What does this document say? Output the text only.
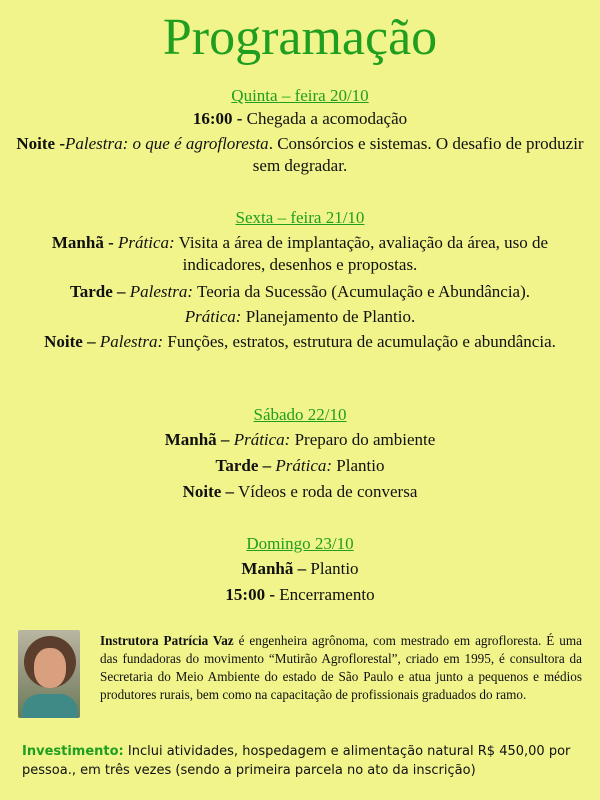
Programação
Quinta – feira 20/10
16:00 - Chegada a acomodação
Noite -Palestra: o que é agrofloresta. Consórcios e sistemas. O desafio de produzir sem degradar.
Sexta – feira 21/10
Manhã - Prática: Visita a área de implantação, avaliação da área, uso de indicadores, desenhos e propostas.
Tarde – Palestra: Teoria da Sucessão (Acumulação e Abundância).
Prática: Planejamento de Plantio.
Noite – Palestra: Funções, estratos, estrutura de acumulação e abundância.
Sábado 22/10
Manhã – Prática: Preparo do ambiente
Tarde – Prática: Plantio
Noite – Vídeos e roda de conversa
Domingo 23/10
Manhã – Plantio
15:00 - Encerramento
Instrutora Patrícia Vaz é engenheira agrônoma, com mestrado em agrofloresta. É uma das fundadoras do movimento “Mutirão Agroflorestal”, criado em 1995, é consultora da Secretaria do Meio Ambiente do estado de São Paulo e atua junto a pequenos e médios produtores rurais, bem como na capacitação de profissionais graduados do ramo.
Investimento: Inclui atividades, hospedagem e alimentação natural R$ 450,00 por pessoa., em três vezes (sendo a primeira parcela no ato da inscrição)
